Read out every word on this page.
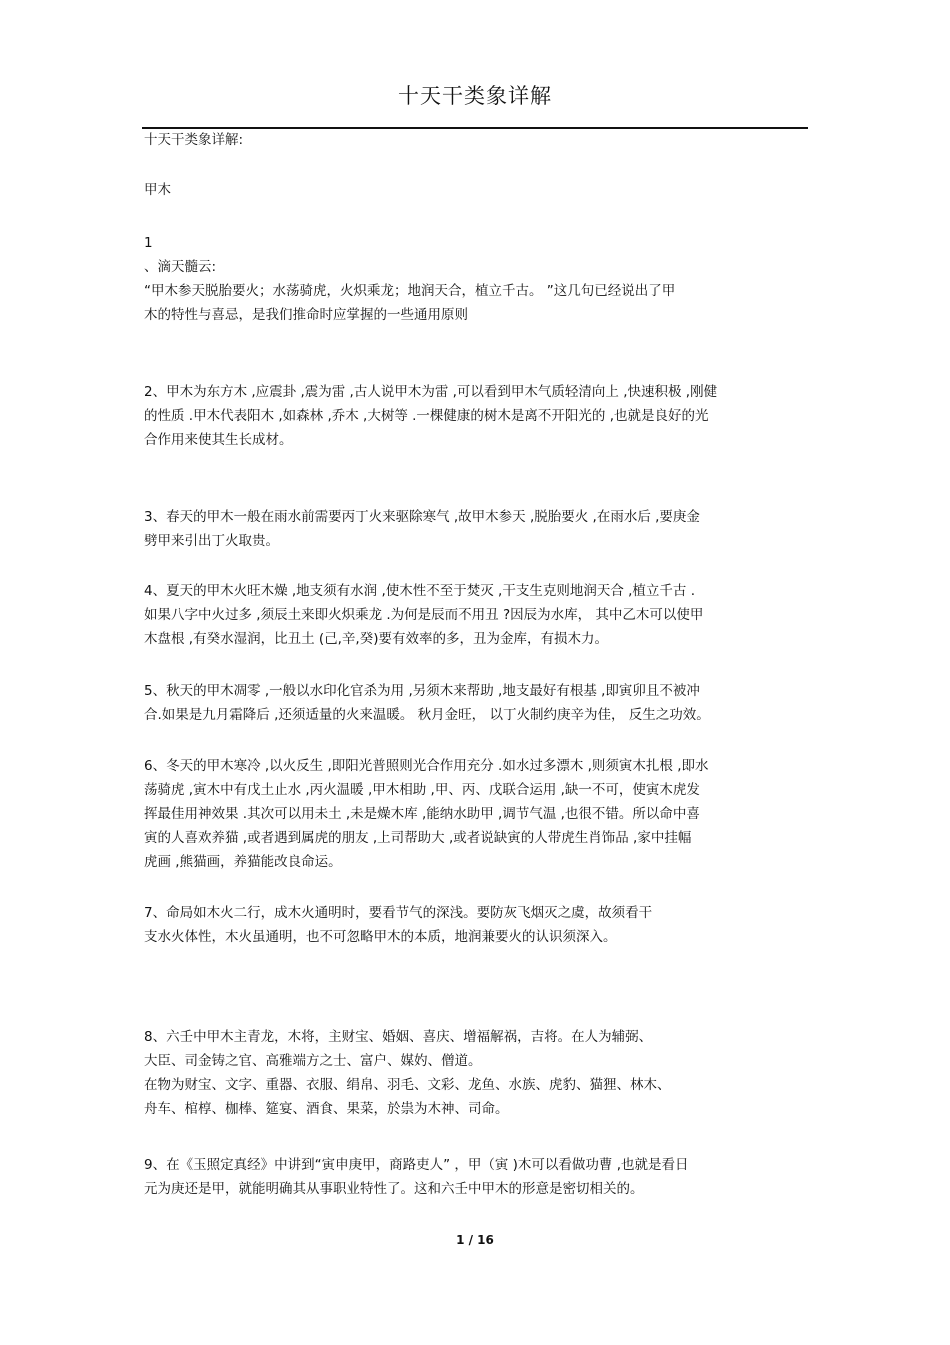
十天干类象详解
十天干类象详解:
甲木
1
、滴天髓云:
“甲木参天脱胎要火；水荡骑虎，火炽乘龙；地润天合，植立千古。 ”这几句已经说出了甲
木的特性与喜忌，是我们推命时应掌握的一些通用原则
2、甲木为东方木 ,应震卦 ,震为雷 ,古人说甲木为雷 ,可以看到甲木气质轻清向上 ,快速积极 ,刚健
的性质 .甲木代表阳木 ,如森林 ,乔木 ,大树等 .一棵健康的树木是离不开阳光的 ,也就是良好的光
合作用来使其生长成材。
3、春天的甲木一般在雨水前需要丙丁火来驱除寒气 ,故甲木参天 ,脱胎要火 ,在雨水后 ,要庚金
劈甲来引出丁火取贵。
4、夏天的甲木火旺木燥 ,地支须有水润 ,使木性不至于焚灭 ,干支生克则地润天合 ,植立千古 .
如果八字中火过多 ,须辰土来即火炽乘龙 .为何是辰而不用丑 ?因辰为水库， 其中乙木可以使甲
木盘根 ,有癸水湿润，比丑土 (己,辛,癸)要有效率的多，丑为金库，有损木力。
5、秋天的甲木凋零 ,一般以水印化官杀为用 ,另须木来帮助 ,地支最好有根基 ,即寅卯且不被冲
合.如果是九月霜降后 ,还须适量的火来温暖。 秋月金旺， 以丁火制约庚辛为佳， 反生之功效。
6、冬天的甲木寒冷 ,以火反生 ,即阳光普照则光合作用充分 .如水过多漂木 ,则须寅木扎根 ,即水
荡骑虎 ,寅木中有戊土止水 ,丙火温暖 ,甲木相助 ,甲、丙、戊联合运用 ,缺一不可，使寅木虎发
挥最佳用神效果 .其次可以用未土 ,未是燥木库 ,能纳水助甲 ,调节气温 ,也很不错。所以命中喜
寅的人喜欢养猫 ,或者遇到属虎的朋友 ,上司帮助大 ,或者说缺寅的人带虎生肖饰品 ,家中挂幅
虎画 ,熊猫画，养猫能改良命运。
7、命局如木火二行，成木火通明时，要看节气的深浅。要防灰飞烟灭之虞，故须看干
支水火体性，木火虽通明，也不可忽略甲木的本质，地润兼要火的认识须深入。
8、六壬中甲木主青龙，木将，主财宝、婚姻、喜庆、增福解祸，吉将。在人为辅弼、
大臣、司金铸之官、高雅端方之士、富户、媒妁、僧道。
在物为财宝、文字、重器、衣服、绢帛、羽毛、文彩、龙鱼、水族、虎豹、猫狸、林木、
舟车、棺椁、枷棒、筵宴、酒食、果菜，於祟为木神、司命。
9、在《玉照定真经》中讲到“寅申庚甲，商路吏人” ，甲（寅 )木可以看做功曹 ,也就是看日
元为庚还是甲，就能明确其从事职业特性了。这和六壬中甲木的形意是密切相关的。
1 / 16
